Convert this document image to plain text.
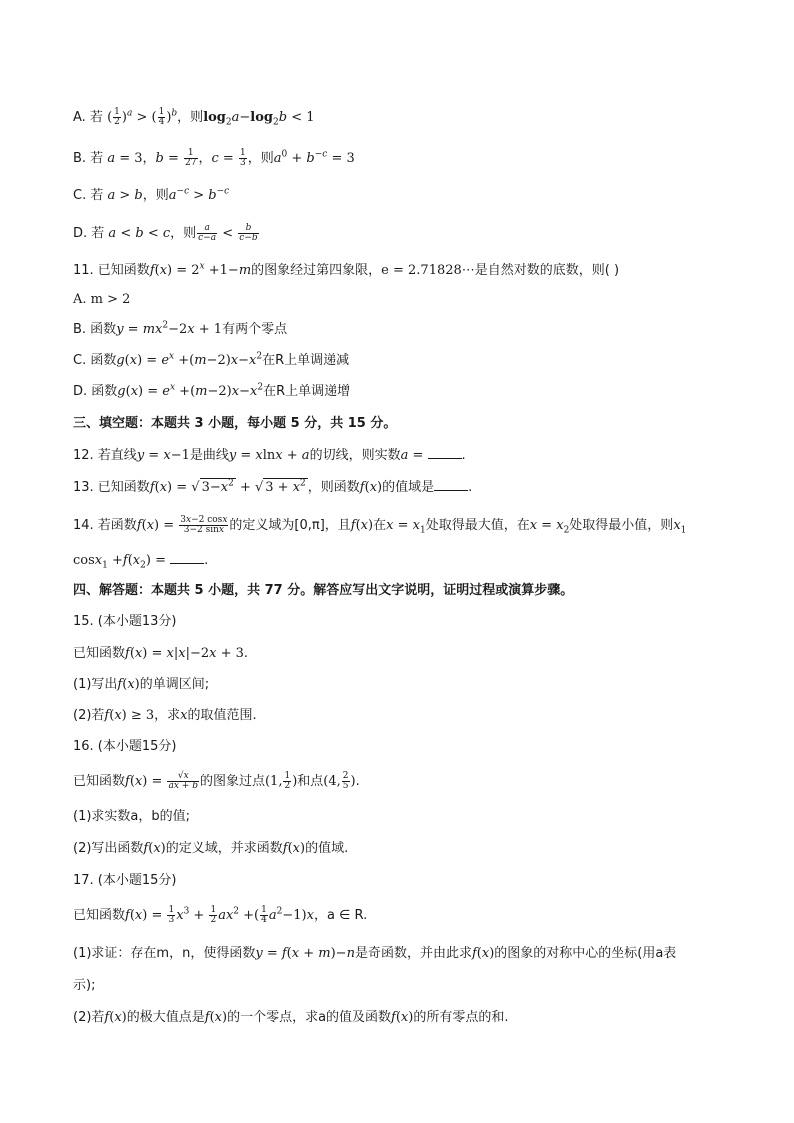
A. 若 ( $\frac{1}{2} )^a$ > ( $\frac{1}{4} )^b$，则$\log_2a-\log_2b < 1$
B. 若 a = 3，$b = \frac{1}{27}$ ，$c = \frac{1}{3}$ ，则$a^0 + b^{-c} = 3$
C. 若 a > b，则$a^{-c} > b^{-c}$
D. 若 a < b < c，则 $\frac{a}{c-a} < \frac{b}{c-b}$
11. 已知函数$f(x) = 2^x +1-m$的图象经过第四象限，e = 2.71828⋯是自然对数的底数，则( )
A. m > 2
B. 函数$y = mx^2-2x + 1$有两个零点
C. 函数$g(x) = e^x +(m-2)x-x^2$在R上单调递减
D. 函数$g(x) = e^x +(m-2)x-x^2$在R上单调递增
三、填空题：本题共 3 小题，每小题 5 分，共 15 分。
12. 若直线y = x−1是曲线y = xlnx + a的切线，则实数a =	.
13. 已知函数f(x) = √ $3-x^2$ + √ $3 + x^2$ ，则函数f(x)的值域是	.
14. 若函数$f(x) = \frac{3x-2 \cos x}{3-2 \sin x}$ 的定义域为[0,π]，且f(x)在$x = x_1$处取得最大值，在$x = x_2$处取得最小值，则$x_1$
$\cos x_1 +f(x_2)$ =	.
四、解答题：本题共 5 小题，共 77 分。解答应写出文字说明，证明过程或演算步骤。
15. (本小题13分)
已知函数f(x) = x|x|−2x + 3.
(1)写出f(x)的单调区间;
(2)若f(x) ≥ 3，求x的取值范围.
16. (本小题15分)
已知函数$f(x) = \frac{√x}{ax + b}$ 的图象过点(1, $\frac{1}{2}$ )和点(4, $\frac{2}{5}$ ).
(1)求实数a，b的值;
(2)写出函数f(x)的定义域，并求函数f(x)的值域.
17. (本小题15分)
已知函数$f(x) = \frac{1}{3} x^3 + \frac{1}{2} ax^2$ +( $\frac{1}{4} a^2-1)x$，a ∈ R.
(1)求证：存在m，n，使得函数y = f(x + m)−n是奇函数，并由此求f(x)的图象的对称中心的坐标(用a表
示);
(2)若f(x)的极大值点是f(x)的一个零点，求a的值及函数f(x)的所有零点的和.
